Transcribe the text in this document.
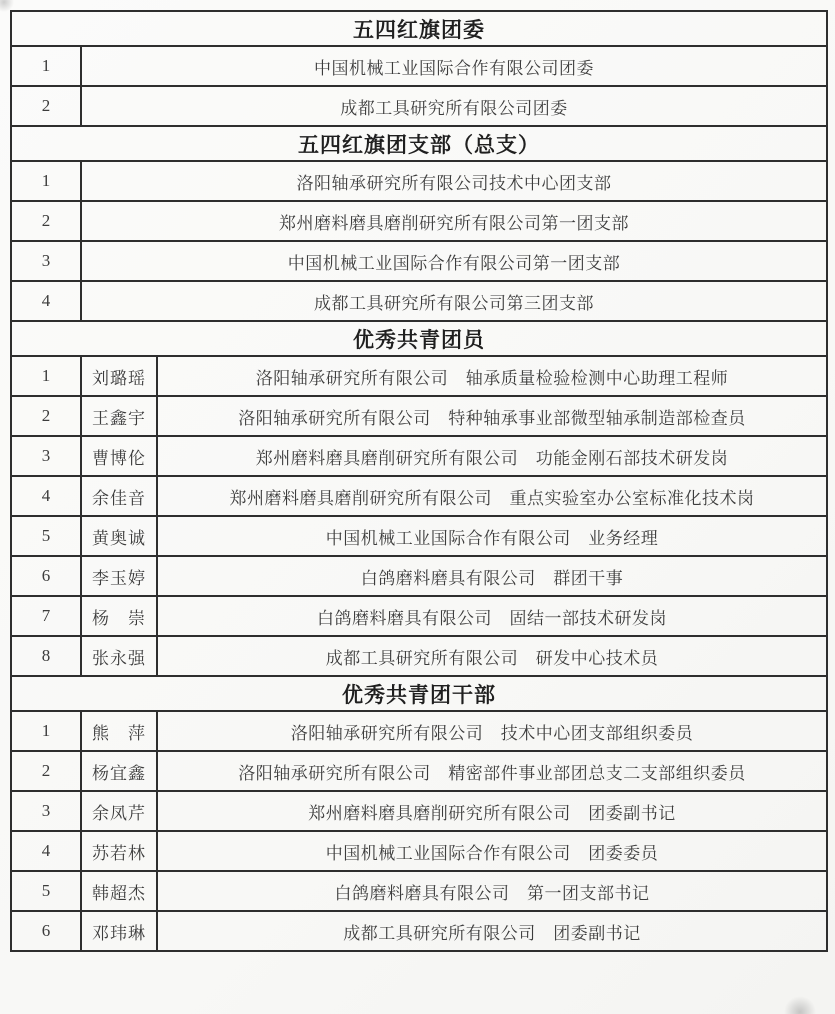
五四红旗团委		
1	中国机械工业国际合作有限公司团委	
2	成都工具研究所有限公司团委	
五四红旗团支部（总支）		
1	洛阳轴承研究所有限公司技术中心团支部	
2	郑州磨料磨具磨削研究所有限公司第一团支部	
3	中国机械工业国际合作有限公司第一团支部	
4	成都工具研究所有限公司第三团支部	
优秀共青团员		
1	刘璐瑶	洛阳轴承研究所有限公司　轴承质量检验检测中心助理工程师
2	王鑫宇	洛阳轴承研究所有限公司　特种轴承事业部微型轴承制造部检查员
3	曹博伦	郑州磨料磨具磨削研究所有限公司　功能金刚石部技术研发岗
4	余佳音	郑州磨料磨具磨削研究所有限公司　重点实验室办公室标准化技术岗
5	黄奥诚	中国机械工业国际合作有限公司　业务经理
6	李玉婷	白鸽磨料磨具有限公司　群团干事
7	杨　崇	白鸽磨料磨具有限公司　固结一部技术研发岗
8	张永强	成都工具研究所有限公司　研发中心技术员
优秀共青团干部		
1	熊　萍	洛阳轴承研究所有限公司　技术中心团支部组织委员
2	杨宜鑫	洛阳轴承研究所有限公司　精密部件事业部团总支二支部组织委员
3	余凤芹	郑州磨料磨具磨削研究所有限公司　团委副书记
4	苏若林	中国机械工业国际合作有限公司　团委委员
5	韩超杰	白鸽磨料磨具有限公司　第一团支部书记
6	邓玮琳	成都工具研究所有限公司　团委副书记
